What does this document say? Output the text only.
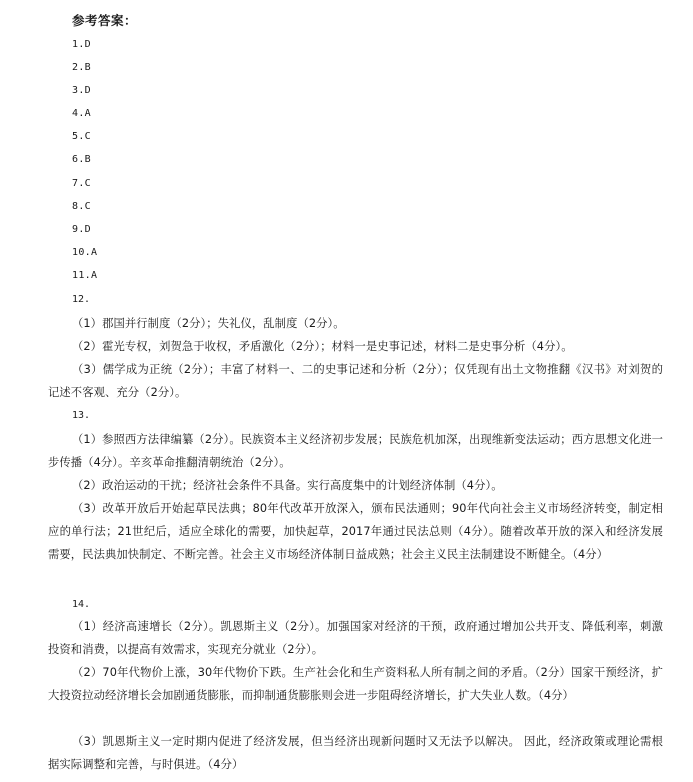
参考答案：
1.D
2.B
3.D
4.A
5.C
6.B
7.C
8.C
9.D
10.A
11.A
12.
（1）郡国并行制度（2分）；失礼仪，乱制度（2分）。
（2）霍光专权，刘贺急于收权，矛盾激化（2分）；材料一是史事记述，材料二是史事分析（4分）。
（3）儒学成为正统（2分）；丰富了材料一、二的史事记述和分析（2分）；仅凭现有出土文物推翻《汉书》对刘贺的记述不客观、充分（2分）。
13.
（1）参照西方法律编纂（2分）。民族资本主义经济初步发展；民族危机加深，出现维新变法运动；西方思想文化进一步传播（4分）。辛亥革命推翻清朝统治（2分）。
（2）政治运动的干扰；经济社会条件不具备。实行高度集中的计划经济体制（4分）。
（3）改革开放后开始起草民法典；80年代改革开放深入，颁布民法通则；90年代向社会主义市场经济转变，制定相应的单行法；21世纪后，适应全球化的需要，加快起草，2017年通过民法总则（4分）。随着改革开放的深入和经济发展需要，民法典加快制定、不断完善。社会主义市场经济体制日益成熟；社会主义民主法制建设不断健全。（4分）
14.
（1）经济高速增长（2分）。凯恩斯主义（2分）。加强国家对经济的干预，政府通过增加公共开支、降低利率，刺激投资和消费，以提高有效需求，实现充分就业（2分）。
（2）70年代物价上涨，30年代物价下跌。生产社会化和生产资料私人所有制之间的矛盾。（2分）国家干预经济，扩大投资拉动经济增长会加剧通货膨胀，而抑制通货膨胀则会进一步阻碍经济增长，扩大失业人数。（4分）
（3）凯恩斯主义一定时期内促进了经济发展，但当经济出现新问题时又无法予以解决。 因此，经济政策或理论需根据实际调整和完善，与时俱进。（4分）
